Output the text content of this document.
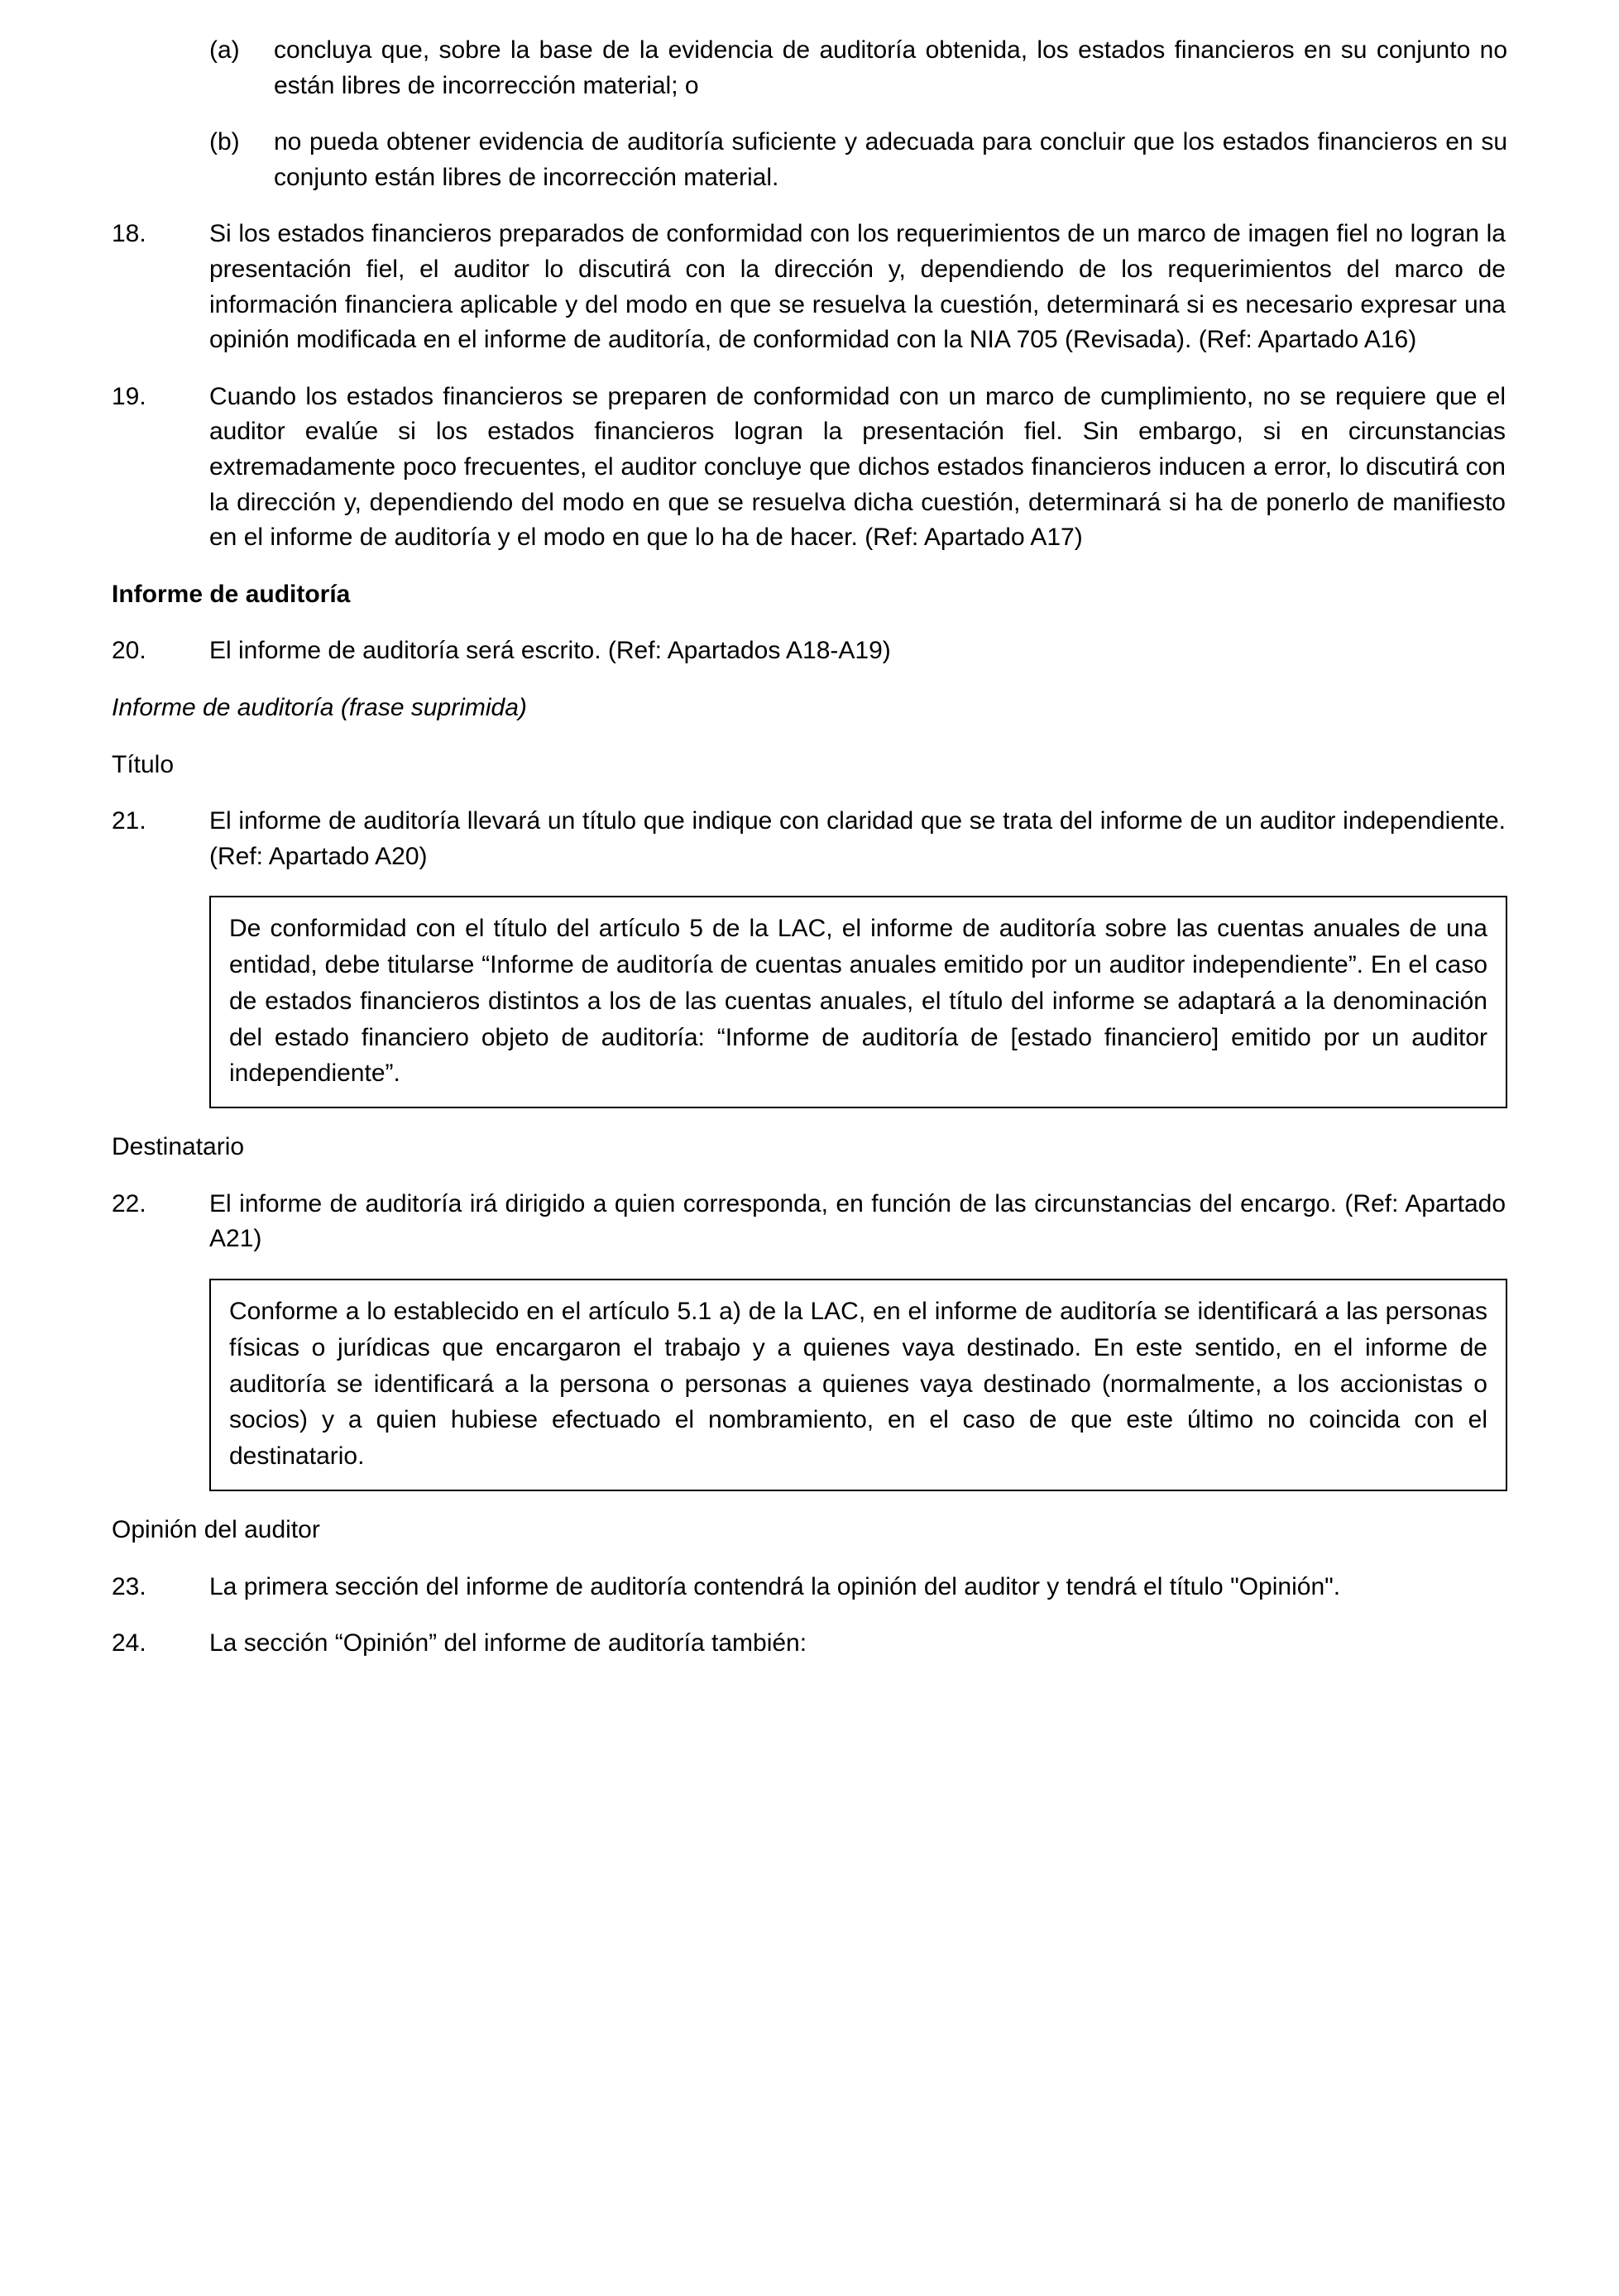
(a)	concluya que, sobre la base de la evidencia de auditoría obtenida, los estados financieros en su conjunto no están libres de incorrección material; o
(b)	no pueda obtener evidencia de auditoría suficiente y adecuada para concluir que los estados financieros en su conjunto están libres de incorrección material.
18.	Si los estados financieros preparados de conformidad con los requerimientos de un marco de imagen fiel no logran la presentación fiel, el auditor lo discutirá con la dirección y, dependiendo de los requerimientos del marco de información financiera aplicable y del modo en que se resuelva la cuestión, determinará si es necesario expresar una opinión modificada en el informe de auditoría, de conformidad con la NIA 705 (Revisada). (Ref: Apartado A16)
19.	Cuando los estados financieros se preparen de conformidad con un marco de cumplimiento, no se requiere que el auditor evalúe si los estados financieros logran la presentación fiel. Sin embargo, si en circunstancias extremadamente poco frecuentes, el auditor concluye que dichos estados financieros inducen a error, lo discutirá con la dirección y, dependiendo del modo en que se resuelva dicha cuestión, determinará si ha de ponerlo de manifiesto en el informe de auditoría y el modo en que lo ha de hacer. (Ref: Apartado A17)
Informe de auditoría
20.	El informe de auditoría será escrito. (Ref: Apartados A18-A19)
Informe de auditoría (frase suprimida)
Título
21.	El informe de auditoría llevará un título que indique con claridad que se trata del informe de un auditor independiente. (Ref: Apartado A20)

De conformidad con el título del artículo 5 de la LAC, el informe de auditoría sobre las cuentas anuales de una entidad, debe titularse “Informe de auditoría de cuentas anuales emitido por un auditor independiente”. En el caso de estados financieros distintos a los de las cuentas anuales, el título del informe se adaptará a la denominación del estado financiero objeto de auditoría: “Informe de auditoría de [estado financiero] emitido por un auditor independiente”.

Destinatario
22.	El informe de auditoría irá dirigido a quien corresponda, en función de las circunstancias del encargo. (Ref: Apartado A21)

Conforme a lo establecido en el artículo 5.1 a) de la LAC, en el informe de auditoría se identificará a las personas físicas o jurídicas que encargaron el trabajo y a quienes vaya destinado. En este sentido, en el informe de auditoría se identificará a la persona o personas a quienes vaya destinado (normalmente, a los accionistas o socios) y a quien hubiese efectuado el nombramiento, en el caso de que este último no coincida con el destinatario.

Opinión del auditor
23.	La primera sección del informe de auditoría contendrá la opinión del auditor y tendrá el título "Opinión".
24.	La sección “Opinión” del informe de auditoría también:
